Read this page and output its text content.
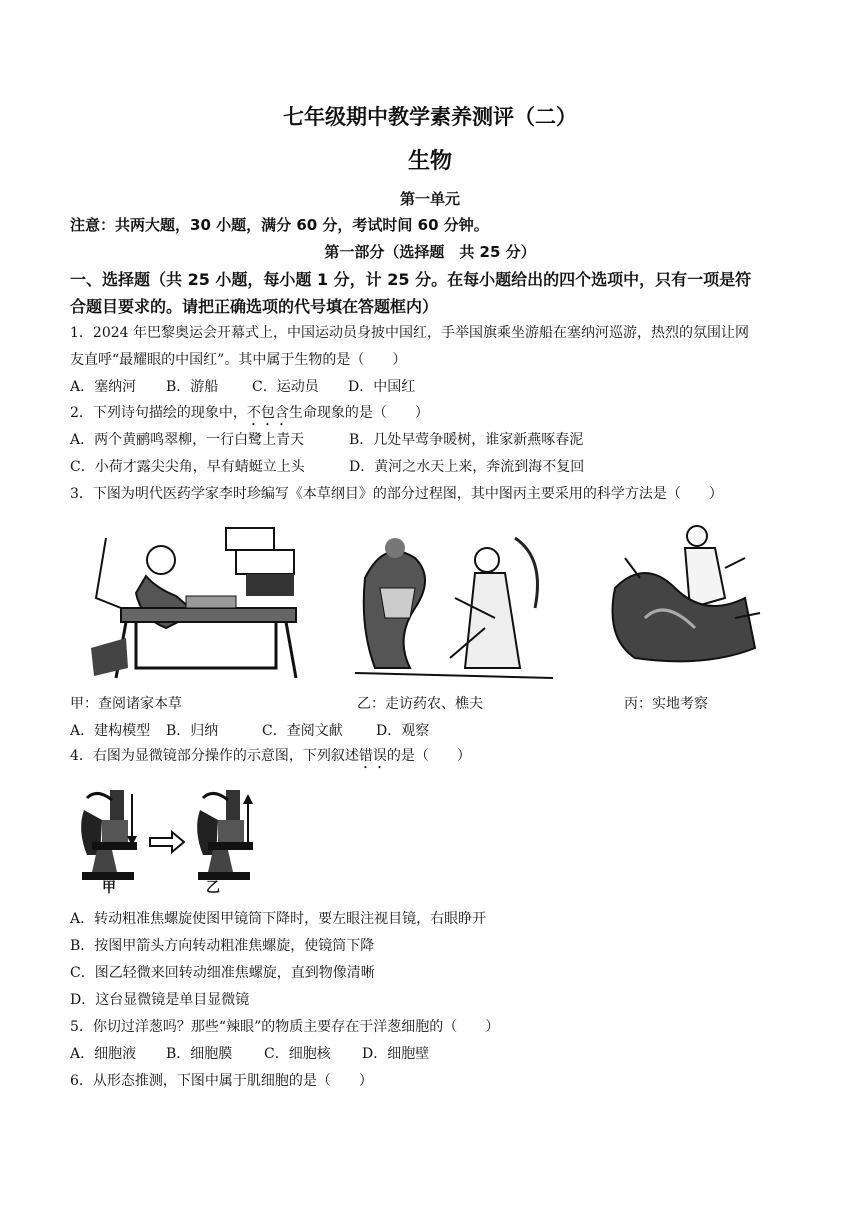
七年级期中教学素养测评（二）
生物
第一单元
注意：共两大题，30 小题，满分 60 分，考试时间 60 分钟。
第一部分（选择题　共 25 分）
一、选择题（共 25 小题，每小题 1 分，计 25 分。在每小题给出的四个选项中，只有一项是符
合题目要求的。请把正确选项的代号填在答题框内）
1．2024 年巴黎奥运会开幕式上，中国运动员身披中国红，手举国旗乘坐游船在塞纳河巡游，热烈的氛围让网
友直呼“最耀眼的中国红”。其中属于生物的是（　　）
A．塞纳河 B．游船 C．运动员 D．中国红
2．下列诗句描绘的现象中，不包含生命现象的是（　　）
A．两个黄鹂鸣翠柳，一行白鹭上青天	B．几处早莺争暖树，谁家新燕啄春泥
C．小荷才露尖尖角，早有蜻蜓立上头	D．黄河之水天上来，奔流到海不复回
3．下图为明代医药学家李时珍编写《本草纲目》的部分过程图，其中图丙主要采用的科学方法是（　　）
甲：查阅诸家本草	乙：走访药农、樵夫	丙：实地考察
A．建构模型 B．归纳	C．查阅文献 D．观察
4．右图为显微镜部分操作的示意图，下列叙述错误的是（　　）
甲	乙
A．转动粗准焦螺旋使图甲镜筒下降时，要左眼注视目镜，右眼睁开
B．按图甲箭头方向转动粗准焦螺旋，使镜筒下降
C．图乙轻微来回转动细准焦螺旋，直到物像清晰
D．这台显微镜是单目显微镜
5．你切过洋葱吗？那些“辣眼”的物质主要存在于洋葱细胞的（　　）
A．细胞液 B．细胞膜 C．细胞核 D．细胞壁
6．从形态推测，下图中属于肌细胞的是（　　）
